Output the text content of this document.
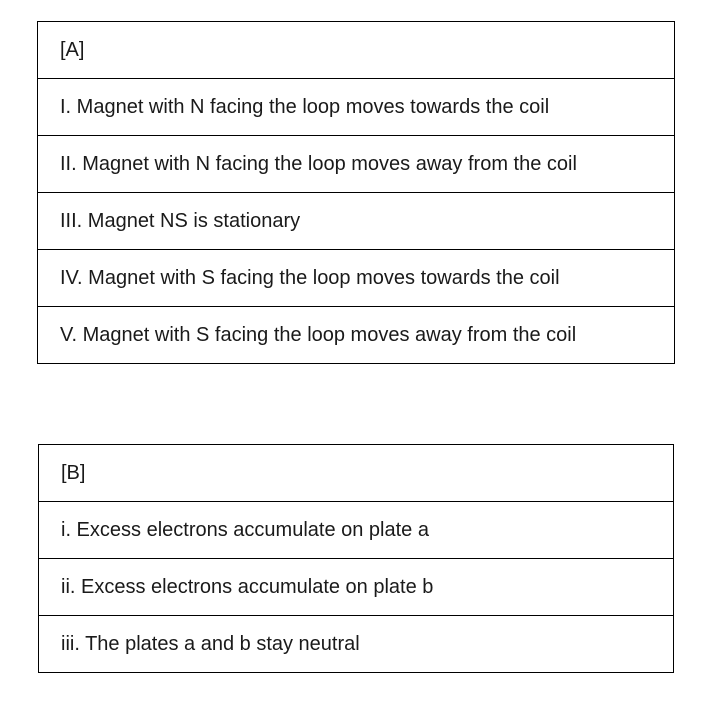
[A]
I. Magnet with N facing the loop moves towards the coil
II. Magnet with N facing the loop moves away from the coil
III. Magnet NS is stationary
IV. Magnet with S facing the loop moves towards the coil
V. Magnet with S facing the loop moves away from the coil
[B]
i. Excess electrons accumulate on plate a
ii. Excess electrons accumulate on plate b
iii. The plates a and b stay neutral
